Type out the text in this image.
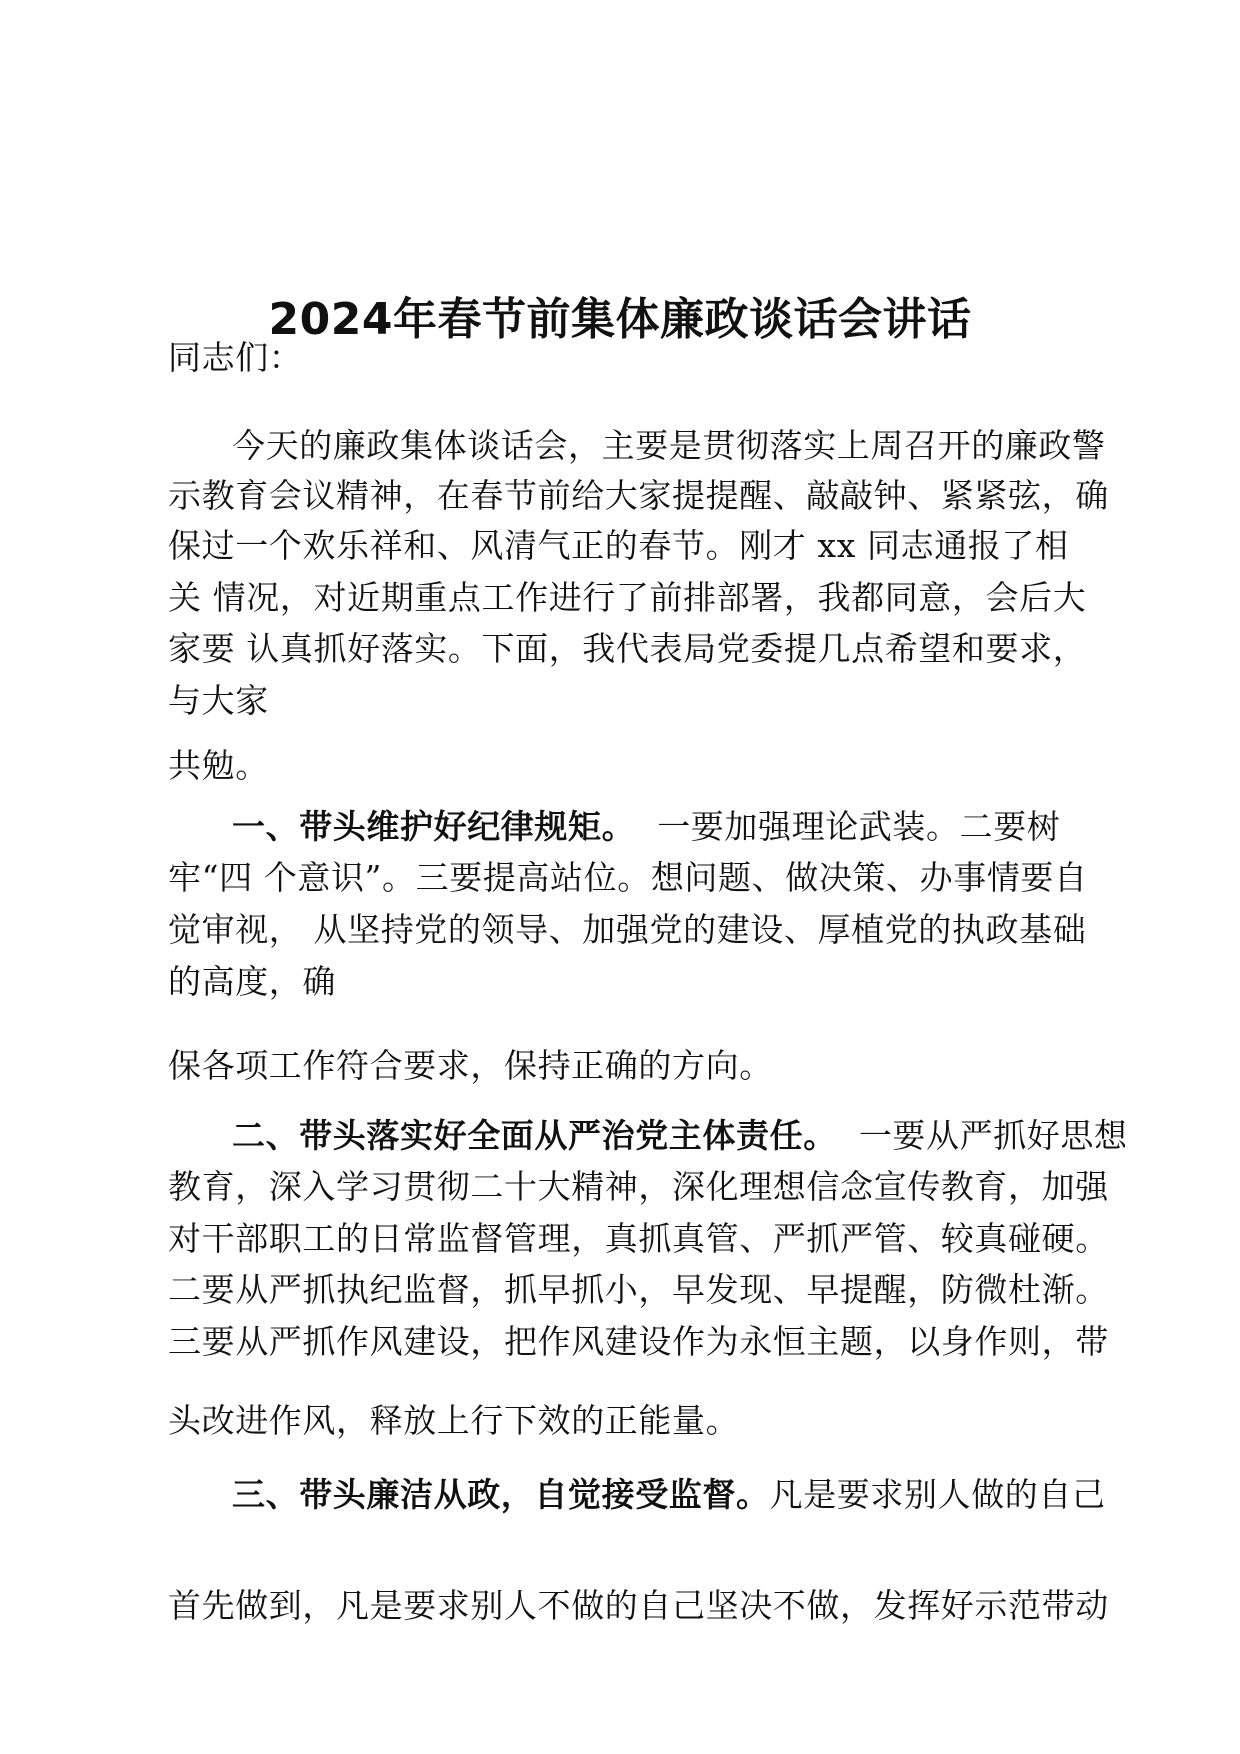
2024年春节前集体廉政谈话会讲话
同志们：
今天的廉政集体谈话会，主要是贯彻落实上周召开的廉政警
示教育会议精神，在春节前给大家提提醒、敲敲钟、紧紧弦，确
保过一个欢乐祥和、风清气正的春节。刚才 xx 同志通报了相
关 情况，对近期重点工作进行了前排部署，我都同意，会后大
家要 认真抓好落实。下面，我代表局党委提几点希望和要求，
与大家
共勉。
一、带头维护好纪律规矩。 一要加强理论武装。二要树
牢“四 个意识”。三要提高站位。想问题、做决策、办事情要自
觉审视， 从坚持党的领导、加强党的建设、厚植党的执政基础
的高度，确
保各项工作符合要求，保持正确的方向。
二、带头落实好全面从严治党主体责任。 一要从严抓好思想
教育，深入学习贯彻二十大精神，深化理想信念宣传教育，加强
对干部职工的日常监督管理，真抓真管、严抓严管、较真碰硬。
二要从严抓执纪监督，抓早抓小，早发现、早提醒，防微杜渐。
三要从严抓作风建设，把作风建设作为永恒主题，以身作则，带
头改进作风，释放上行下效的正能量。
三、带头廉洁从政，自觉接受监督。凡是要求别人做的自己
首先做到，凡是要求别人不做的自己坚决不做，发挥好示范带动
